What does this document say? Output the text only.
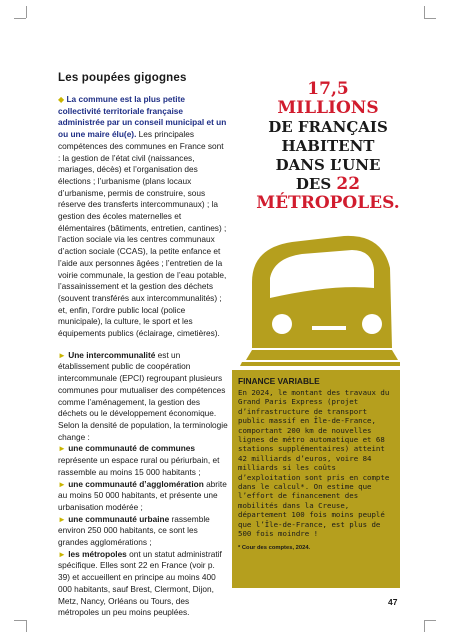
Les poupées gigognes

◆ La commune est la plus petite collectivité territoriale française administrée par un conseil municipal et un ou une maire élu(e). Les principales compétences des communes en France sont : la gestion de l’état civil (naissances, mariages, décès) et l’organisation des élections ; l’urbanisme (plans locaux d’urbanisme, permis de construire, sous réserve des transferts intercommunaux) ; la gestion des écoles maternelles et élémentaires (bâtiments, entretien, cantines) ; l’action sociale via les centres communaux d’action sociale (CCAS), la petite enfance et l’aide aux personnes âgées ; l’entretien de la voirie communale, la gestion de l’eau potable, l’assainissement et la gestion des déchets (souvent transférés aux intercommunalités) ; et, enfin, l’ordre public local (police municipale), la culture, le sport et les équipements publics (éclairage, cimetières).

► Une intercommunalité est un établissement public de coopération intercommunale (EPCI) regroupant plusieurs communes pour mutualiser des compétences comme l’aménagement, la gestion des déchets ou le développement économique. Selon la densité de population, la terminologie change :
► une communauté de communes représente un espace rural ou périurbain, et rassemble au moins 15 000 habitants ;
► une communauté d’agglomération abrite au moins 50 000 habitants, et présente une urbanisation modérée ;
► une communauté urbaine rassemble environ 250 000 habitants, ce sont les grandes agglomérations ;
► les métropoles ont un statut administratif spécifique. Elles sont 22 en France (voir p. 39) et accueillent en principe au moins 400 000 habitants, sauf Brest, Clermont, Dijon, Metz, Nancy, Orléans ou Tours, des métropoles un peu moins peuplées.

17,5
MILLIONS
DE FRANÇAIS
HABITENT
DANS L’UNE
DES 22
MÉTROPOLES.
FINANCE VARIABLE

En 2024, le montant des travaux du Grand Paris Express (projet d’infrastructure de transport public massif en Île-de-France, comportant 200 km de nouvelles lignes de métro automatique et 68 stations supplémentaires) atteint 42 milliards d’euros, voire 84 milliards si les coûts d’exploitation sont pris en compte dans le calcul*. On estime que l’effort de financement des mobilités dans la Creuse, département 100 fois moins peuplé que l’Île-de-France, est plus de 500 fois moindre !

* Cour des comptes, 2024.
47
